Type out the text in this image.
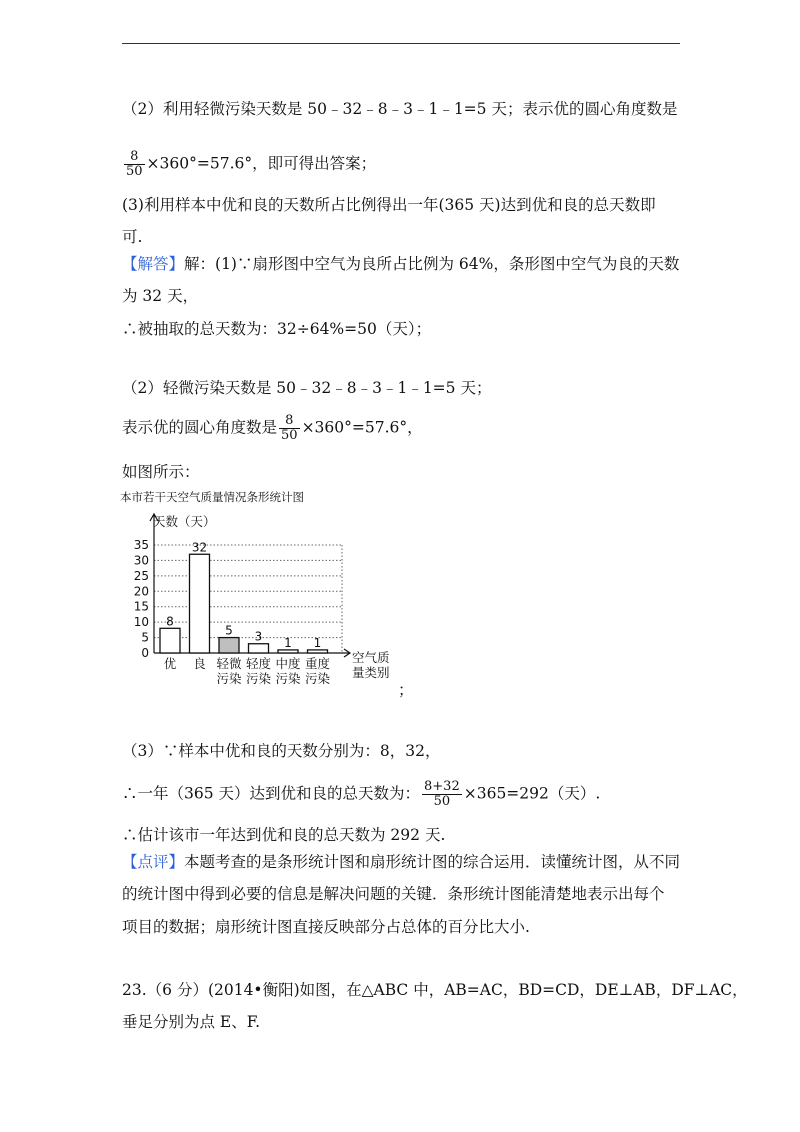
（2）利用轻微污染天数是 50﹣32﹣8﹣3﹣1﹣1=5 天；表示优的圆心角度数是
$\frac{8}{50} \times 360^\circ=57.6^\circ$，即可得出答案；
(3)利用样本中优和良的天数所占比例得出一年(365 天)达到优和良的总天数即
可.
【解答】解：(1)∵扇形图中空气为良所占比例为 64%，条形图中空气为良的天数
为 32 天，
∴被抽取的总天数为：32÷64%=50（天）；
（2）轻微污染天数是 50﹣32﹣8﹣3﹣1﹣1=5 天；
表示优的圆心角度数是 $\frac{8}{50} \times 360^\circ=57.6^\circ$，
如图所示：
本市若干天空气质量情况条形统计图
天数（天）
0
5
10
15
20
25
30
35
8
优
32
良
5
轻微
污染
3
轻度
污染
1
中度
污染
1
重度
污染
空气质
量类别
；
（3）∵样本中优和良的天数分别为：8，32，
∴一年（365 天）达到优和良的总天数为： $\frac{8+32}{50} \times 365=292$（天）.
∴估计该市一年达到优和良的总天数为 292 天.
【点评】本题考查的是条形统计图和扇形统计图的综合运用．读懂统计图，从不同
的统计图中得到必要的信息是解决问题的关键．条形统计图能清楚地表示出每个
项目的数据；扇形统计图直接反映部分占总体的百分比大小.
23.（6 分）(2014•衡阳)如图，在△ABC 中，AB=AC，BD=CD，DE⊥AB，DF⊥AC，
垂足分别为点 E、F.
